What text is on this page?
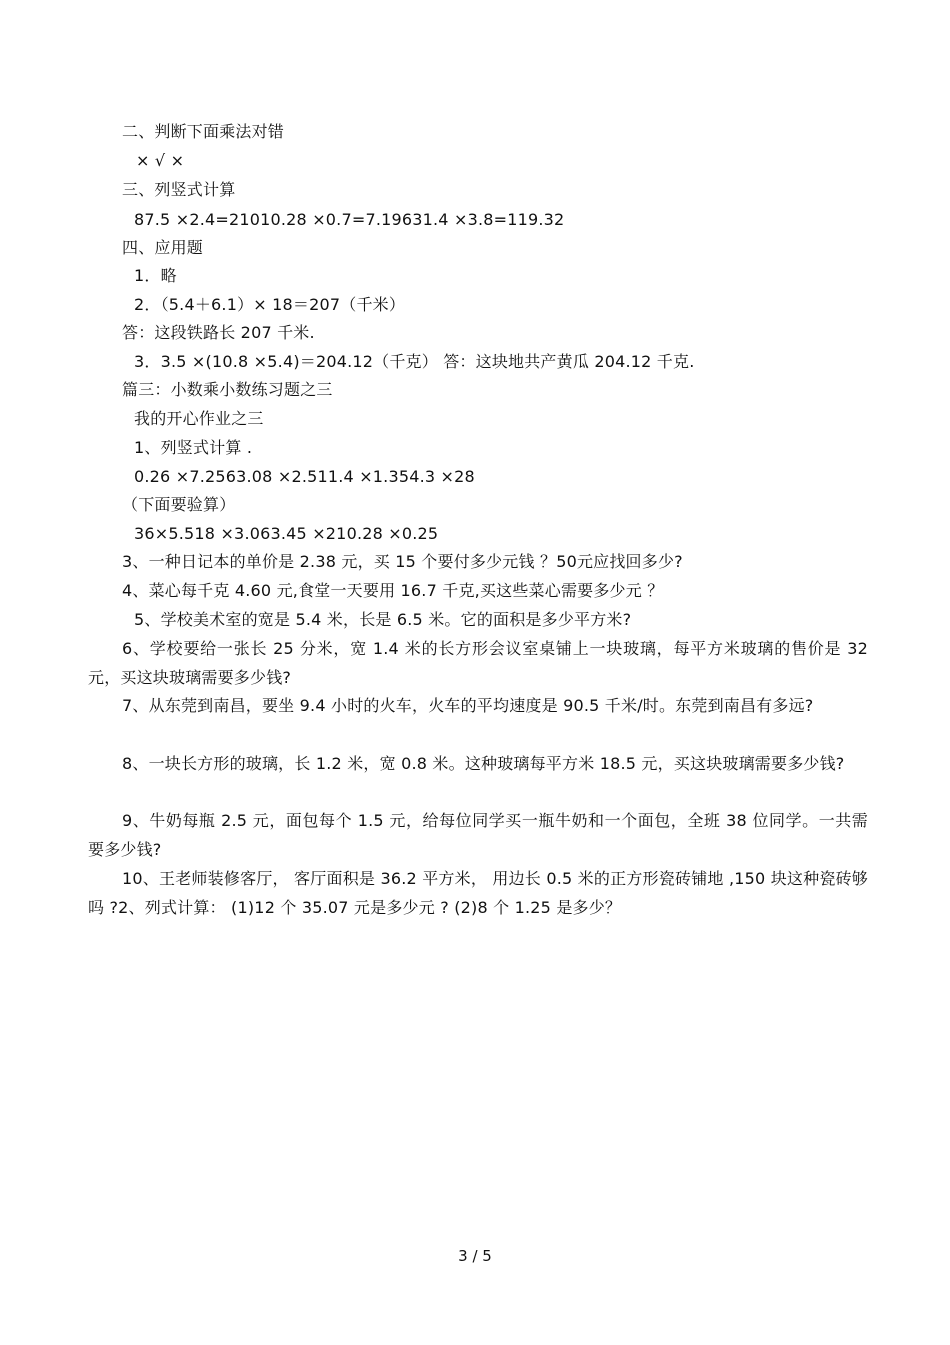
二、判断下面乘法对错
× √ ×
三、列竖式计算
87.5 ×2.4=21010.28 ×0.7=7.19631.4 ×3.8=119.32
四、应用题
1．略
2．（5.4＋6.1）× 18＝207（千米）
答：这段铁路长 207 千米.
3．3.5 ×(10.8 ×5.4)＝204.12（千克） 答：这块地共产黄瓜 204.12 千克.
篇三：小数乘小数练习题之三
我的开心作业之三
1、列竖式计算 .
0.26 ×7.2563.08 ×2.511.4 ×1.354.3 ×28
（下面要验算）
36×5.518 ×3.063.45 ×210.28 ×0.25
3、一种日记本的单价是 2.38 元，买 15 个要付多少元钱 ？50元应找回多少?
4、菜心每千克 4.60 元,食堂一天要用 16.7 千克,买这些菜心需要多少元 ？
5、学校美术室的宽是 5.4 米，长是 6.5 米。它的面积是多少平方米?
6、学校要给一张长 25 分米，宽 1.4 米的长方形会议室桌铺上一块玻璃，每平方米玻璃的售价是 32 元，买这块玻璃需要多少钱?
7、从东莞到南昌，要坐 9.4 小时的火车，火车的平均速度是 90.5 千米/时。东莞到南昌有多远?
8、一块长方形的玻璃，长 1.2 米，宽 0.8 米。这种玻璃每平方米 18.5 元，买这块玻璃需要多少钱?
9、牛奶每瓶 2.5 元，面包每个 1.5 元，给每位同学买一瓶牛奶和一个面包，全班 38 位同学。一共需要多少钱?
10、王老师装修客厅， 客厅面积是 36.2 平方米， 用边长 0.5 米的正方形瓷砖铺地 ,150 块这种瓷砖够吗 ?2、列式计算： (1)12 个 35.07 元是多少元 ? (2)8 个 1.25 是多少？
3 / 5
